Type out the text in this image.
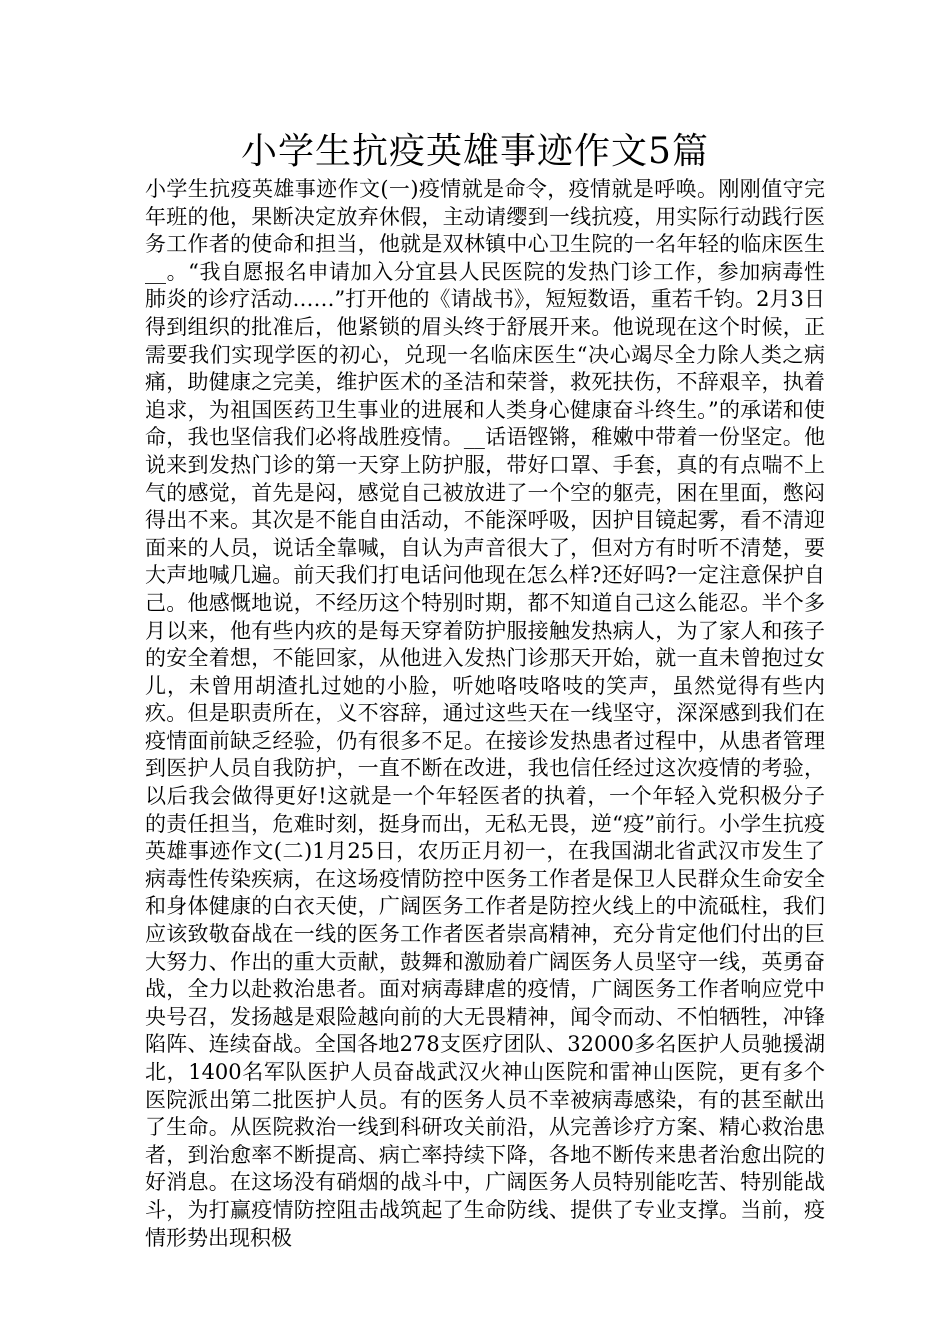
小学生抗疫英雄事迹作文5篇

小学生抗疫英雄事迹作文(一)疫情就是命令，疫情就是呼唤。刚刚值守完年班的他，果断决定放弃休假，主动请缨到一线抗疫，用实际行动践行医务工作者的使命和担当，他就是双林镇中心卫生院的一名年轻的临床医生__。“我自愿报名申请加入分宜县人民医院的发热门诊工作，参加病毒性肺炎的诊疗活动……”打开他的《请战书》，短短数语，重若千钧。2月3日得到组织的批准后，他紧锁的眉头终于舒展开来。他说现在这个时候，正需要我们实现学医的初心，兑现一名临床医生“决心竭尽全力除人类之病痛，助健康之完美，维护医术的圣洁和荣誉，救死扶伤，不辞艰辛，执着追求，为祖国医药卫生事业的进展和人类身心健康奋斗终生。”的承诺和使命，我也坚信我们必将战胜疫情。__话语铿锵，稚嫩中带着一份坚定。他说来到发热门诊的第一天穿上防护服，带好口罩、手套，真的有点喘不上气的感觉，首先是闷，感觉自己被放进了一个空的躯壳，困在里面，憋闷得出不来。其次是不能自由活动，不能深呼吸，因护目镜起雾，看不清迎面来的人员，说话全靠喊，自认为声音很大了，但对方有时听不清楚，要大声地喊几遍。前天我们打电话问他现在怎么样?还好吗?一定注意保护自己。他感慨地说，不经历这个特别时期，都不知道自己这么能忍。半个多月以来，他有些内疚的是每天穿着防护服接触发热病人，为了家人和孩子的安全着想，不能回家，从他进入发热门诊那天开始，就一直未曾抱过女儿，未曾用胡渣扎过她的小脸，听她咯吱咯吱的笑声，虽然觉得有些内疚。但是职责所在，义不容辞，通过这些天在一线坚守，深深感到我们在疫情面前缺乏经验，仍有很多不足。在接诊发热患者过程中，从患者管理到医护人员自我防护，一直不断在改进，我也信任经过这次疫情的考验，以后我会做得更好!这就是一个年轻医者的执着，一个年轻入党积极分子的责任担当，危难时刻，挺身而出，无私无畏，逆“疫”前行。小学生抗疫英雄事迹作文(二)1月25日，农历正月初一，在我国湖北省武汉市发生了病毒性传染疾病，在这场疫情防控中医务工作者是保卫人民群众生命安全和身体健康的白衣天使，广阔医务工作者是防控火线上的中流砥柱，我们应该致敬奋战在一线的医务工作者医者崇高精神，充分肯定他们付出的巨大努力、作出的重大贡献，鼓舞和激励着广阔医务人员坚守一线，英勇奋战，全力以赴救治患者。面对病毒肆虐的疫情，广阔医务工作者响应党中央号召，发扬越是艰险越向前的大无畏精神，闻令而动、不怕牺牲，冲锋陷阵、连续奋战。全国各地278支医疗团队、32000多名医护人员驰援湖北，1400名军队医护人员奋战武汉火神山医院和雷神山医院，更有多个医院派出第二批医护人员。有的医务人员不幸被病毒感染，有的甚至献出了生命。从医院救治一线到科研攻关前沿，从完善诊疗方案、精心救治患者，到治愈率不断提高、病亡率持续下降，各地不断传来患者治愈出院的好消息。在这场没有硝烟的战斗中，广阔医务人员特别能吃苦、特别能战斗，为打赢疫情防控阻击战筑起了生命防线、提供了专业支撑。当前，疫情形势出现积极
